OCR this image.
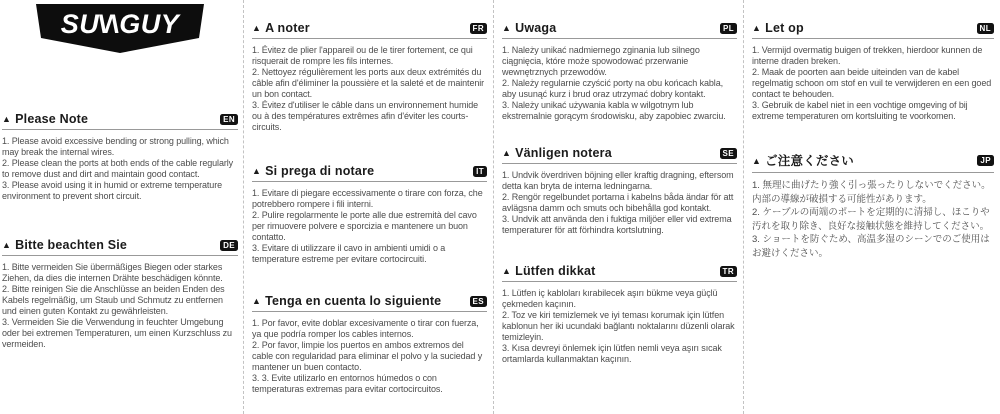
SUNGUY
▲ Please Note	EN

1. Please avoid excessive bending or strong pulling, which may break the internal wires.

2. Please clean the ports at both ends of the cable regularly to remove dust and dirt and maintain good contact.

3. Please avoid using it in humid or extreme temperature environment to prevent short circuit.

▲ Bitte beachten Sie	DE

1. Bitte vermeiden Sie übermäßiges Biegen oder starkes Ziehen, da dies die internen Drähte beschädigen könnte.

2. Bitte reinigen Sie die Anschlüsse an beiden Enden des Kabels regelmäßig, um Staub und Schmutz zu entfernen und einen guten Kontakt zu gewährleisten.

3. Vermeiden Sie die Verwendung in feuchter Umgebung oder bei extremen Temperaturen, um einen Kurzschluss zu vermeiden.

▲ A noter	FR

1. Évitez de plier l'appareil ou de le tirer fortement, ce qui risquerait de rompre les fils internes.

2. Nettoyez régulièrement les ports aux deux extrémités du câble afin d'éliminer la poussière et la saleté et de maintenir un bon contact.

3. Évitez d'utiliser le câble dans un environnement humide ou à des températures extrêmes afin d'éviter les courts-circuits.

▲ Si prega di notare	IT

1. Evitare di piegare eccessivamente o tirare con forza, che potrebbero rompere i fili interni.

2. Pulire regolarmente le porte alle due estremità del cavo per rimuovere polvere e sporcizia e mantenere un buon contatto.

3. Evitare di utilizzare il cavo in ambienti umidi o a temperature estreme per evitare cortocircuiti.

▲ Tenga en cuenta lo siguiente	ES

1. Por favor, evite doblar excesivamente o tirar con fuerza, ya que podría romper los cables internos.

2. Por favor, limpie los puertos en ambos extremos del cable con regularidad para eliminar el polvo y la suciedad y mantener un buen contacto.

3. 3. Evite utilizarlo en entornos húmedos o con temperaturas extremas para evitar cortocircuitos.

▲ Uwaga	PL

1. Należy unikać nadmiernego zginania lub silnego ciągnięcia, które może spowodować przerwanie wewnętrznych przewodów.

2. Należy regularnie czyścić porty na obu końcach kabla, aby usunąć kurz i brud oraz utrzymać dobry kontakt.

3. Należy unikać używania kabla w wilgotnym lub ekstremalnie gorącym środowisku, aby zapobiec zwarciu.

▲ Vänligen notera	SE

1. Undvik överdriven böjning eller kraftig dragning, eftersom detta kan bryta de interna ledningarna.

2. Rengör regelbundet portarna i kabelns båda ändar för att avlägsna damm och smuts och bibehålla god kontakt.

3. Undvik att använda den i fuktiga miljöer eller vid extrema temperaturer för att förhindra kortslutning.

▲ Lütfen dikkat	TR

1. Lütfen iç kabloları kırabilecek aşırı bükme veya güçlü çekmeden kaçının.

2. Toz ve kiri temizlemek ve iyi teması korumak için lütfen kablonun her iki ucundaki bağlantı noktalarını düzenli olarak temizleyin.

3. Kısa devreyi önlemek için lütfen nemli veya aşırı sıcak ortamlarda kullanmaktan kaçının.

▲ Let op	NL

1. Vermijd overmatig buigen of trekken, hierdoor kunnen de interne draden breken.

2. Maak de poorten aan beide uiteinden van de kabel regelmatig schoon om stof en vuil te verwijderen en een goed contact te behouden.

3. Gebruik de kabel niet in een vochtige omgeving of bij extreme temperaturen om kortsluiting te voorkomen.

▲ ご注意ください	JP

1. 無理に曲げたり強く引っ張ったりしないでください。内部の導線が破損する可能性があります。

2. ケーブルの両端のポートを定期的に清掃し、ほこりや汚れを取り除き、良好な接触状態を維持してください。

3. ショートを防ぐため、高温多湿のシーンでのご使用はお避けください。
